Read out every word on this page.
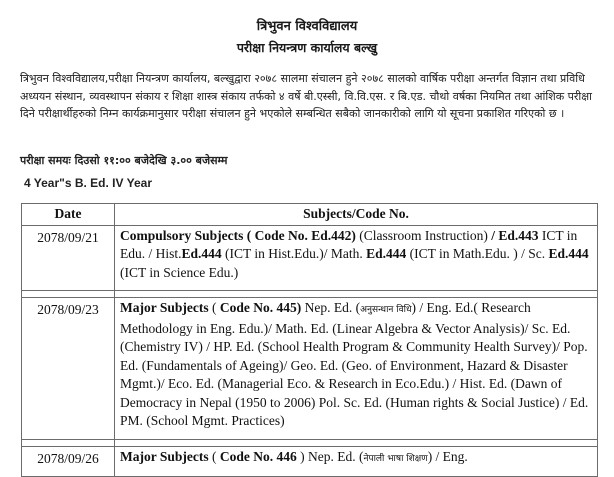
त्रिभुवन विश्वविद्यालय
परीक्षा नियन्त्रण कार्यालय बल्खु
त्रिभुवन विश्वविद्यालय,परीक्षा नियन्त्रण कार्यालय, बल्खुद्वारा २०७८ सालमा संचालन हुने २०७८ सालको वार्षिक परीक्षा अन्तर्गत विज्ञान तथा प्रविधि अध्ययन संस्थान, व्यवस्थापन संकाय र शिक्षा शास्त्र संकाय तर्फको ४ वर्षे बी.एस्सी, वि.वि.एस. र बि.एड. चौथो वर्षका नियमित तथा आंशिक परीक्षा दिने परीक्षार्थीहरुको निम्न कार्यक्रमानुसार परीक्षा संचालन हुने भएकोले सम्बन्धित सबैको जानकारीको लागि यो सूचना प्रकाशित गरिएको छ ।
परीक्षा समयः दिउसो ११:०० बजेदेखि ३.०० बजेसम्म
4 Year"s B. Ed. IV Year
Date	Subjects/Code No.
2078/09/21	Compulsory Subjects ( Code No. Ed.442) (Classroom Instruction) / Ed.443 ICT in Edu. / Hist.Ed.444 (ICT in Hist.Edu.)/ Math. Ed.444 (ICT in Math.Edu. ) / Sc. Ed.444 (ICT in Science Edu.)

2078/09/23	Major Subjects ( Code No. 445) Nep. Ed. (अनुसन्धान विधि) / Eng. Ed.( Research Methodology in Eng. Edu.)/ Math. Ed. (Linear Algebra & Vector Analysis)/ Sc. Ed. (Chemistry IV) / HP. Ed. (School Health Program & Community Health Survey)/ Pop. Ed. (Fundamentals of Ageing)/ Geo. Ed. (Geo. of Environment, Hazard & Disaster Mgmt.)/ Eco. Ed. (Managerial Eco. & Research in Eco.Edu.) / Hist. Ed. (Dawn of Democracy in Nepal (1950 to 2006) Pol. Sc. Ed. (Human rights & Social Justice) / Ed. PM. (School Mgmt. Practices)

2078/09/26	Major Subjects ( Code No. 446 ) Nep. Ed. (नेपाली भाषा शिक्षण) / Eng.
